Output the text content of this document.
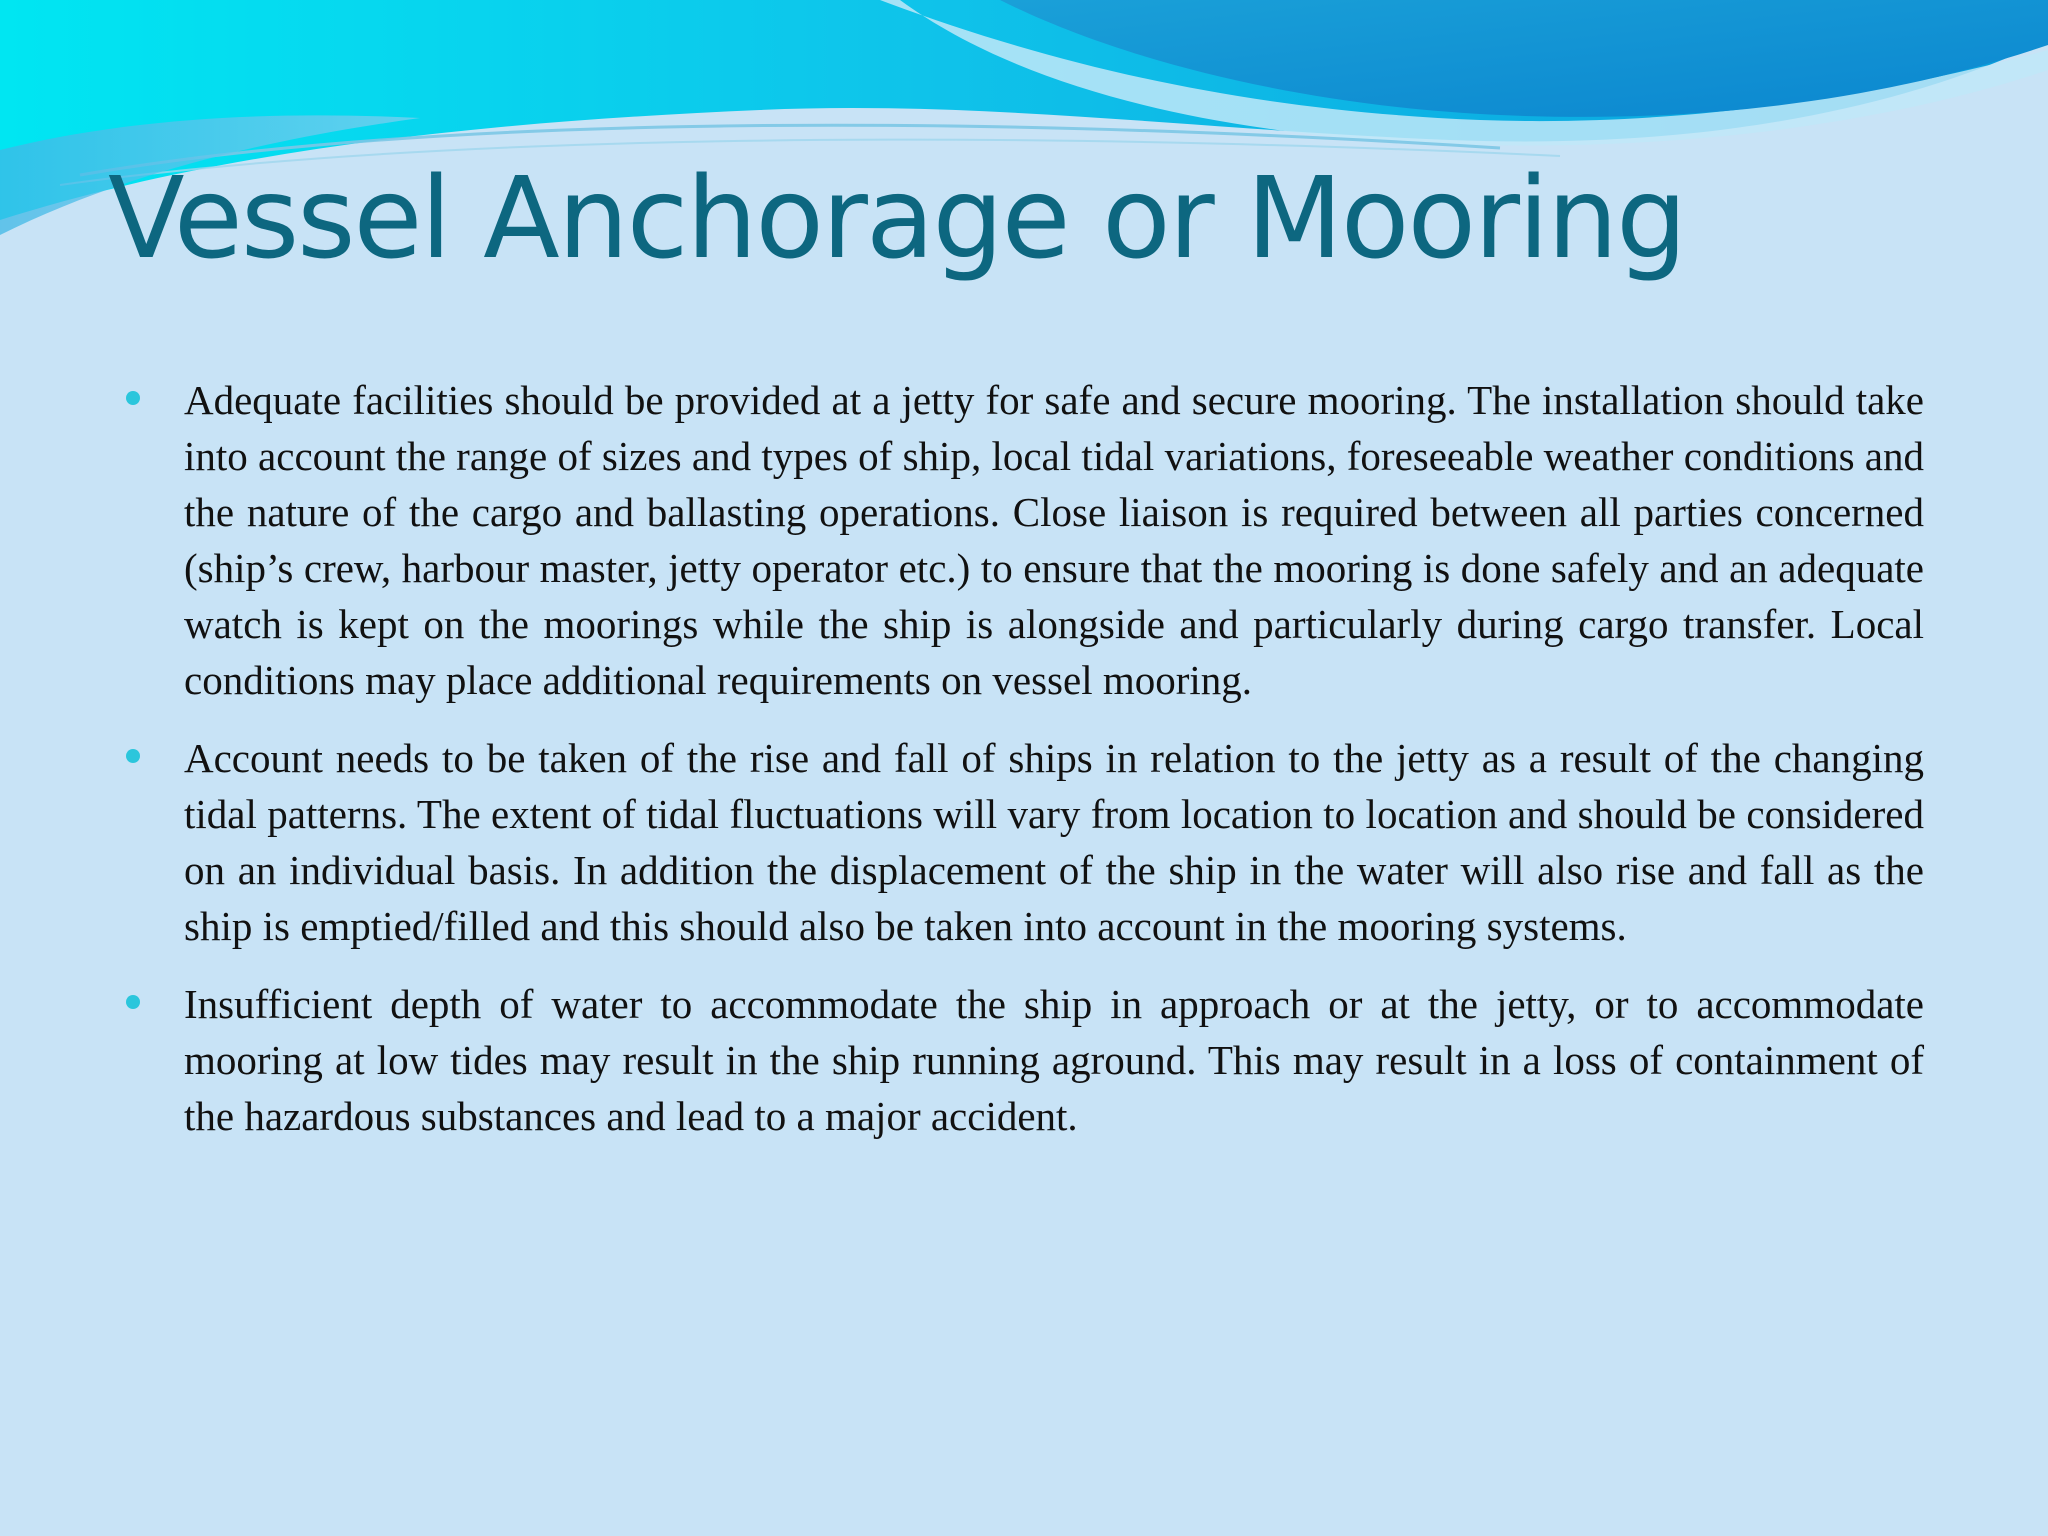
Vessel Anchorage or Mooring

Adequate facilities should be provided at a jetty for safe and secure mooring. The installation should take into account the range of sizes and types of ship, local tidal variations, foreseeable weather conditions and the nature of the cargo and ballasting operations. Close liaison is required between all parties concerned (ship’s crew, harbour master, jetty operator etc.) to ensure that the mooring is done safely and an adequate watch is kept on the moorings while the ship is alongside and particularly during cargo transfer. Local conditions may place additional requirements on vessel mooring.

Account needs to be taken of the rise and fall of ships in relation to the jetty as a result of the changing tidal patterns. The extent of tidal fluctuations will vary from location to location and should be considered on an individual basis. In addition the displacement of the ship in the water will also rise and fall as the ship is emptied/filled and this should also be taken into account in the mooring systems.

Insufficient depth of water to accommodate the ship in approach or at the jetty, or to accommodate mooring at low tides may result in the ship running aground. This may result in a loss of containment of the hazardous substances and lead to a major accident.
